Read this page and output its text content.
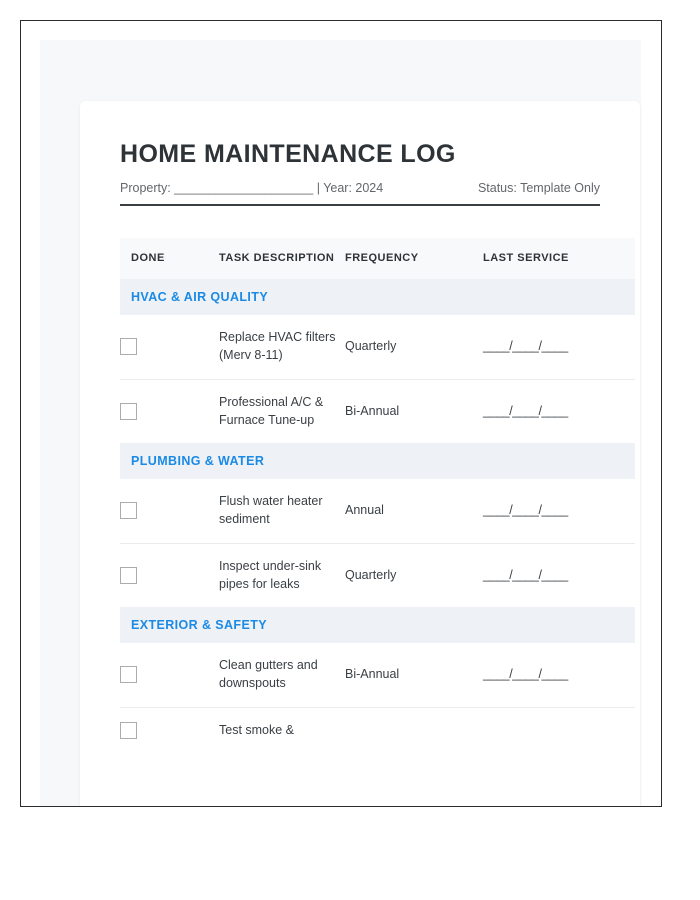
HOME MAINTENANCE LOG
Property: ____________________ | Year: 2024	Status: Template Only
DONE	TASK DESCRIPTION	FREQUENCY	LAST SERVICE
HVAC & AIR QUALITY			
	Replace HVAC filters (Merv 8-11)	Quarterly	____/____/____
	Professional A/C & Furnace Tune-up	Bi-Annual	____/____/____
PLUMBING & WATER			
	Flush water heater sediment	Annual	____/____/____
	Inspect under-sink pipes for leaks	Quarterly	____/____/____
EXTERIOR & SAFETY			
	Clean gutters and downspouts	Bi-Annual	____/____/____
	Test smoke &		
